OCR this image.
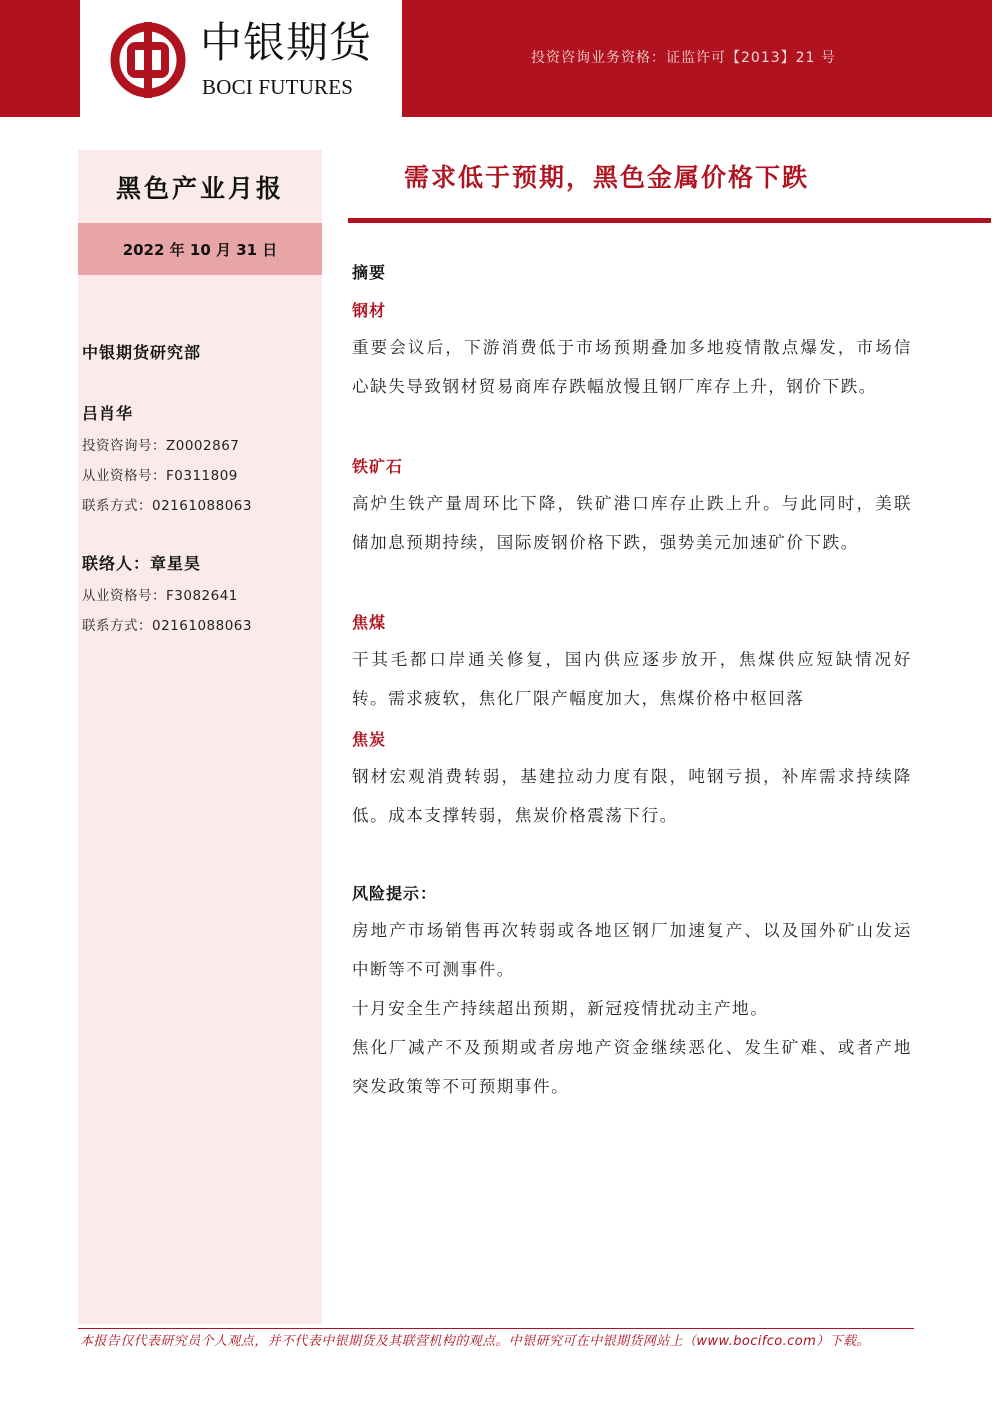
投资咨询业务资格：证监许可【2013】21 号
中银期货
BOCI FUTURES
黑色产业月报
2022 年 10 月 31 日
中银期货研究部
吕肖华
投资咨询号：Z0002867
从业资格号：F0311809
联系方式：02161088063
联络人：章星昊
从业资格号：F3082641
联系方式：02161088063
需求低于预期，黑色金属价格下跌
摘要
钢材
重要会议后，下游消费低于市场预期叠加多地疫情散点爆发，市场信心缺失导致钢材贸易商库存跌幅放慢且钢厂库存上升，钢价下跌。
铁矿石
高炉生铁产量周环比下降，铁矿港口库存止跌上升。与此同时，美联储加息预期持续，国际废钢价格下跌，强势美元加速矿价下跌。
焦煤
干其毛都口岸通关修复，国内供应逐步放开，焦煤供应短缺情况好转。需求疲软，焦化厂限产幅度加大，焦煤价格中枢回落
焦炭
钢材宏观消费转弱，基建拉动力度有限，吨钢亏损，补库需求持续降低。成本支撑转弱，焦炭价格震荡下行。
风险提示：
房地产市场销售再次转弱或各地区钢厂加速复产、以及国外矿山发运中断等不可测事件。
十月安全生产持续超出预期，新冠疫情扰动主产地。
焦化厂减产不及预期或者房地产资金继续恶化、发生矿难、或者产地突发政策等不可预期事件。
本报告仅代表研究员个人观点，并不代表中银期货及其联营机构的观点。中银研究可在中银期货网站上（www.bocifco.com）下载。
